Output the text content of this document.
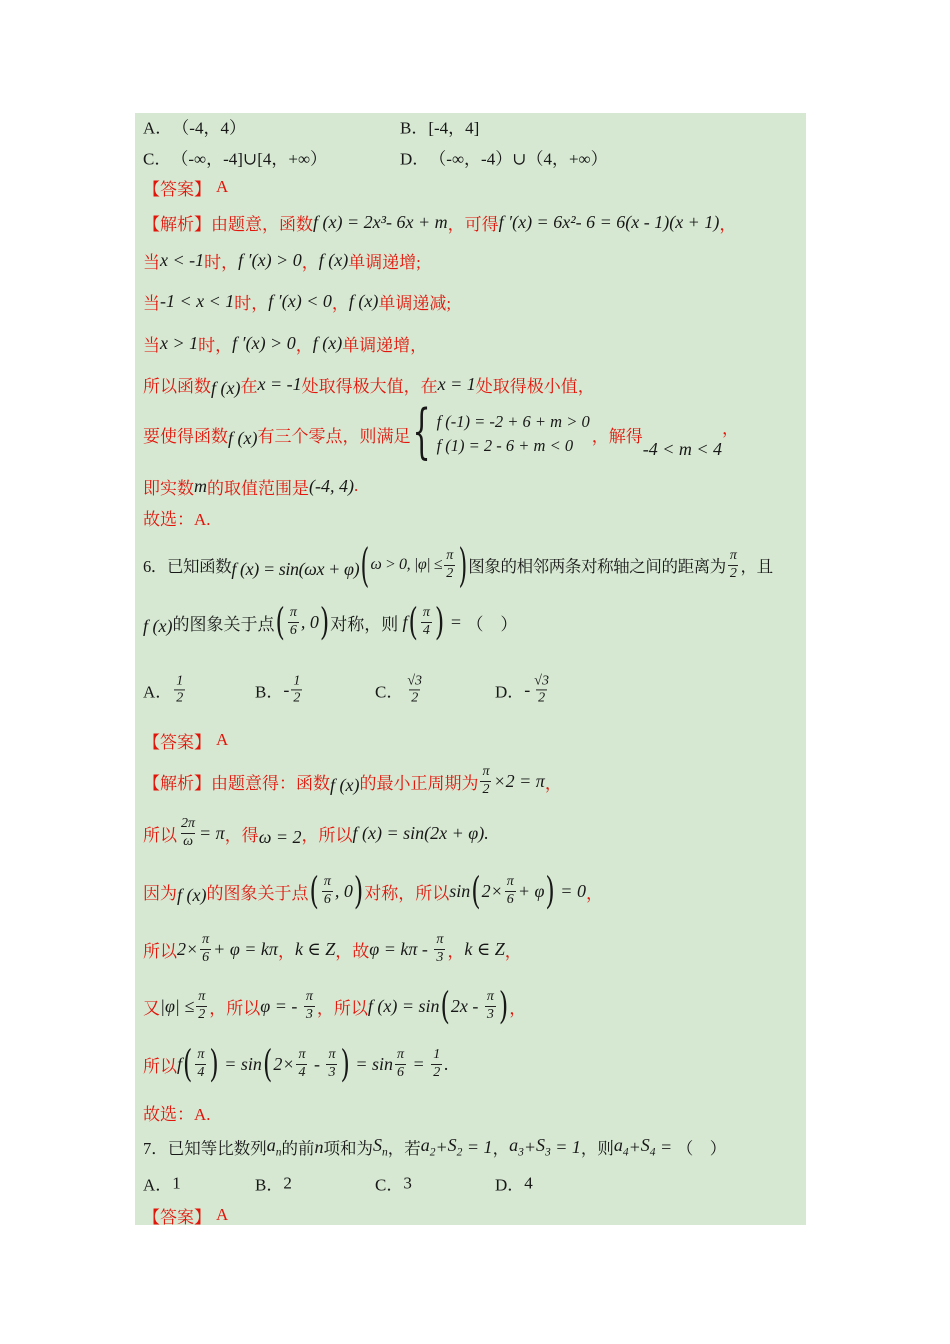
A． （-4，4）	B． [-4，4]
C． （-∞，-4]∪[4，+∞）	D． （-∞，-4）∪（4，+∞）
【答案】 A
【解析】由题意，函数 f (x) = 2x³- 6x + m ，可得 f ′(x) = 6x²- 6 = 6(x - 1)(x + 1) ，
当 x < -1 时， f ′(x) > 0 ， f (x) 单调递增;
当 -1 < x < 1 时， f ′(x) < 0 ， f (x) 单调递减;
当 x > 1 时， f ′(x) > 0 ， f (x) 单调递增，
所以函数 f (x) 在 x = -1 处取得极大值，在 x = 1 处取得极小值，
要使得函数 f (x) 有三个零点，则满足 { f (-1) = -2 + 6 + m > 0
f (1) = 2 - 6 + m < 0	，解得
-4 < m < 4
，
即实数 m 的取值范围是 (-4, 4) .
故选：A.
6． 已知函数 f (x) = sin(ωx + φ) ( ω > 0, $|\varphi| \le \frac{\pi}{2}$ ) 图象的相邻两条对称轴之间的距离为 $\frac{\pi}{2}$ ，且
f (x) 的图象关于点 ( $\frac{\pi}{6}$ , 0 ) 对称，则 f ( $\frac{\pi}{4}$ ) = （　）
A． $\frac{1}{2}$	B． - $\frac{1}{2}$	C． $\frac{√3}{2}$	D． - $\frac{√3}{2}$
【答案】 A
【解析】由题意得：函数 f (x) 的最小正周期为 $\frac{\pi}{2} \times 2 = \pi$ ，
所以 $\frac{2\pi}{\omega} = \pi$ ，得 ω = 2 ，所以 f (x) = sin(2x + φ).
因为 f (x) 的图象关于点 ( $\frac{\pi}{6}$ , 0 ) 对称，所以 sin ( $2\times \frac{\pi}{6} + \varphi$ ) = 0 ，
所以 $2\times \frac{\pi}{6} + \varphi = k\pi$ ， k ∈ Z ，故 $\varphi = k\pi - \frac{\pi}{3}$ ， k ∈ Z ，
又 $|\varphi| \le \frac{\pi}{2}$ ，所以 φ = - $\frac{\pi}{3}$ ，所以 f (x) = sin ( $2x - \frac{\pi}{3}$ ) ，
所以 f ( $\frac{\pi}{4}$ ) = sin ( $2\times \frac{\pi}{4} - \frac{\pi}{3}$ ) = $\sin \frac{\pi}{6} = \frac{1}{2}$ .
故选：A.
7． 已知等比数列 $a_n$ 的前 n 项和为 $S_n$ ，若 $a_2 + S_2 = 1$ ， $a_3 + S_3 = 1$ ，则 $a_4 + S_4$ = （　）
A． 1	B． 2	C． 3	D． 4
【答案】 A
